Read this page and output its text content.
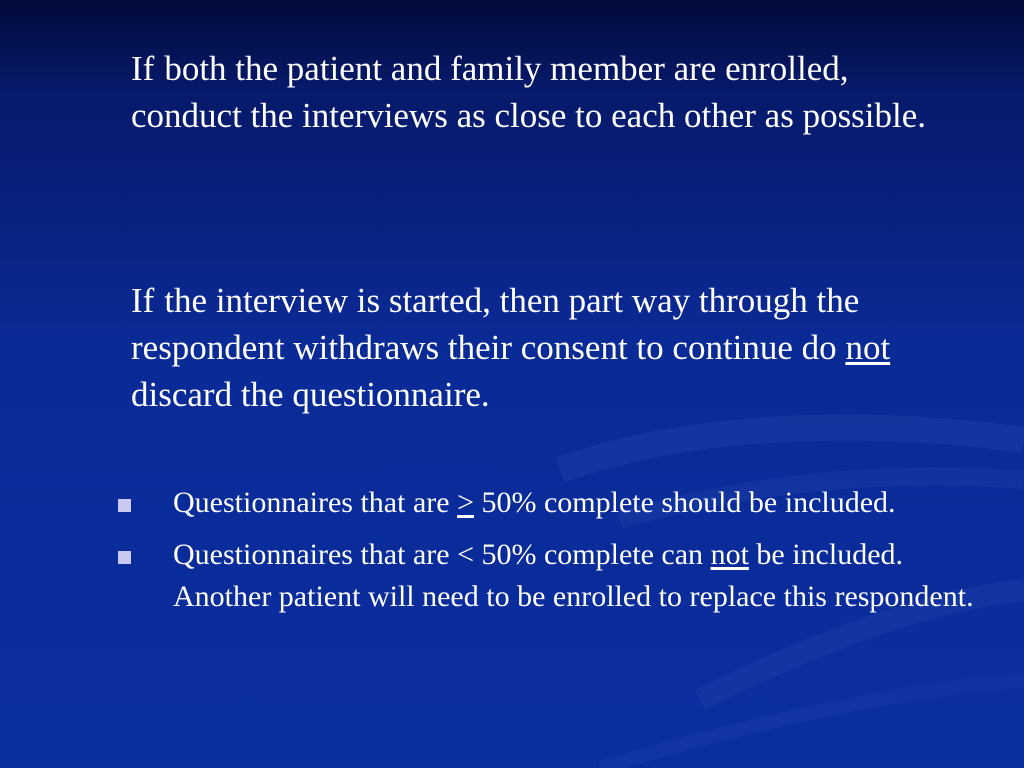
If both the patient and family member are enrolled, conduct the interviews as close to each other as possible.

If the interview is started, then part way through the respondent withdraws their consent to continue do not discard the questionnaire.

Questionnaires that are > 50% complete should be included.
Questionnaires that are < 50% complete can not be included. Another patient will need to be enrolled to replace this respondent.
